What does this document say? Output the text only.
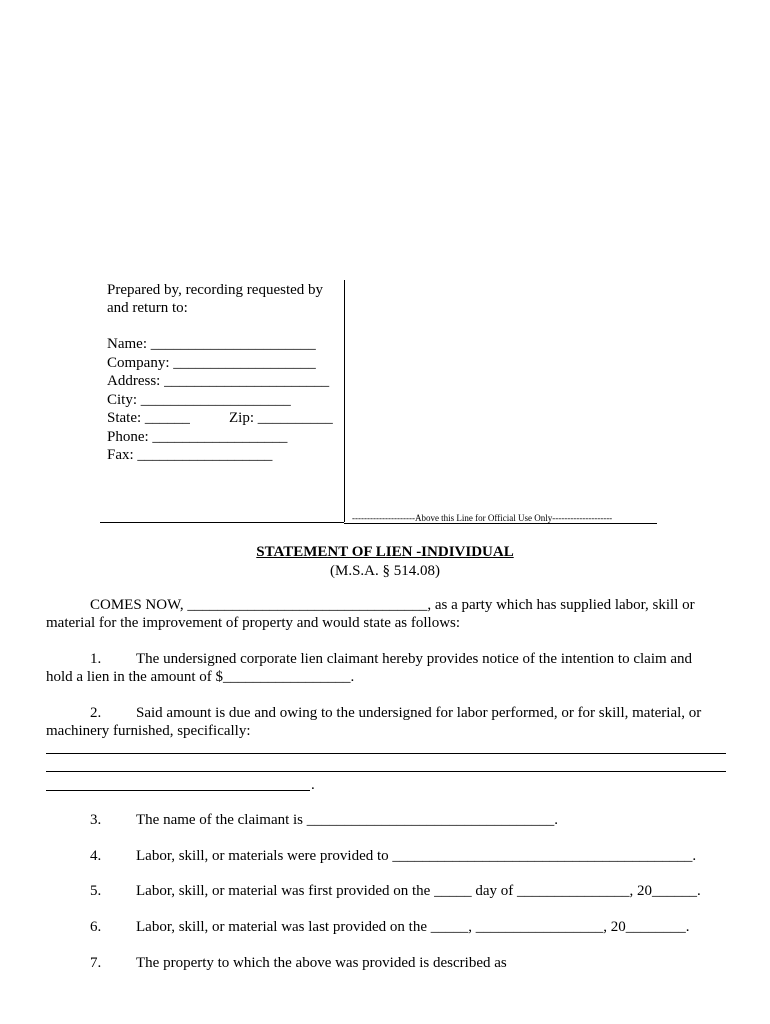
Prepared by, recording requested by
and return to:
Name: ______________________
Company: ___________________
Address: ______________________
City: ____________________
State: ______	Zip: __________
Phone: __________________
Fax: __________________
---------------------Above this Line for Official Use Only--------------------
STATEMENT OF LIEN -INDIVIDUAL
(M.S.A. § 514.08)
COMES NOW, ________________________________, as a party which has supplied labor, skill or
material for the improvement of property and would state as follows:
1. The undersigned corporate lien claimant hereby provides notice of the intention to claim and
hold a lien in the amount of $_________________.
2. Said amount is due and owing to the undersigned for labor performed, or for skill, material, or
machinery furnished, specifically:
.
3. The name of the claimant is _________________________________.
4. Labor, skill, or materials were provided to ________________________________________.
5. Labor, skill, or material was first provided on the _____ day of _______________, 20______.
6. Labor, skill, or material was last provided on the _____, _________________, 20________.
7. The property to which the above was provided is described as
